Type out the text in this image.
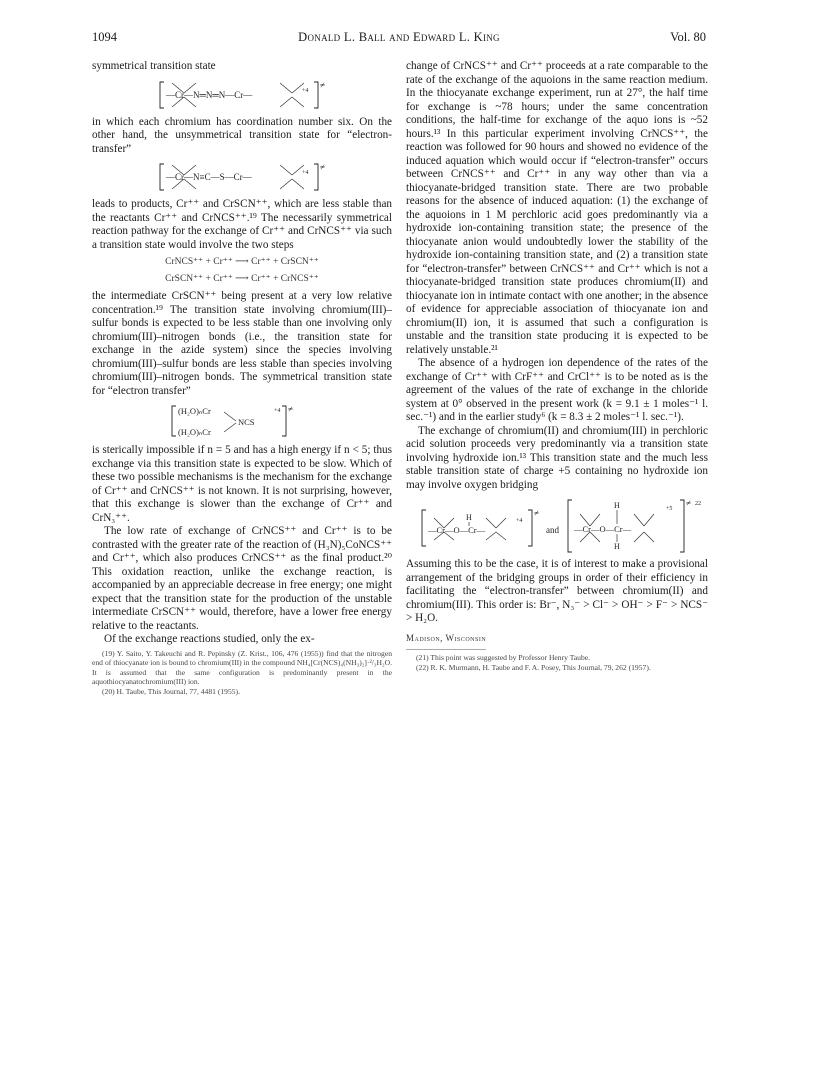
1094	Donald L. Ball and Edward L. King	Vol. 80

symmetrical transition state

—Cr—N═N═N—Cr—	+4
≠

in which each chromium has coordination number six. On the other hand, the unsymmetrical transition state for “electron-transfer”

—Cr—N≡C—S—Cr—	+4
≠

leads to products, Cr⁺⁺ and CrSCN⁺⁺, which are less stable than the reactants Cr⁺⁺ and CrNCS⁺⁺.¹⁹ The necessarily symmetrical reaction pathway for the exchange of Cr⁺⁺ and CrNCS⁺⁺ via such a transition state would involve the two steps

CrNCS⁺⁺ + Cr⁺⁺ ⟶ Cr⁺⁺ + CrSCN⁺⁺
CrSCN⁺⁺ + Cr⁺⁺ ⟶ Cr⁺⁺ + CrNCS⁺⁺

the intermediate CrSCN⁺⁺ being present at a very low relative concentration.¹⁹ The transition state involving chromium(III)–sulfur bonds is expected to be less stable than one involving only chromium(III)–nitrogen bonds (i.e., the transition state for exchange in the azide system) since the species involving chromium(III)–sulfur bonds are less stable than species involving chromium(III)–nitrogen bonds. The symmetrical transition state for “electron transfer”

(H₂O)ₙCr
(H₂O)ₙCr
NCS
+4 ≠

is sterically impossible if n = 5 and has a high energy if n < 5; thus exchange via this transition state is expected to be slow. Which of these two possible mechanisms is the mechanism for the exchange of Cr⁺⁺ and CrNCS⁺⁺ is not known. It is not surprising, however, that this exchange is slower than the exchange of Cr⁺⁺ and CrN₃⁺⁺.

The low rate of exchange of CrNCS⁺⁺ and Cr⁺⁺ is to be contrasted with the greater rate of the reaction of (H₃N)₅CoNCS⁺⁺ and Cr⁺⁺, which also produces CrNCS⁺⁺ as the final product.²⁰ This oxidation reaction, unlike the exchange reaction, is accompanied by an appreciable decrease in free energy; one might expect that the transition state for the production of the unstable intermediate CrSCN⁺⁺ would, therefore, have a lower free energy relative to the reactants.

Of the exchange reactions studied, only the ex-

(19) Y. Saito, Y. Takeuchi and R. Pepinsky (Z. Krist., 106, 476 (1955)) find that the nitrogen end of thiocyanate ion is bound to chromium(III) in the compound NH₄[Cr(NCS)₄(NH₃)₂]·²/₃H₂O. It is assumed that the same configuration is predominantly present in the aquothiocyanatochromium(III) ion.

(20) H. Taube, This Journal, 77, 4481 (1955).

change of CrNCS⁺⁺ and Cr⁺⁺ proceeds at a rate comparable to the rate of the exchange of the aquoions in the same reaction medium. In the thiocyanate exchange experiment, run at 27°, the half time for exchange is ~78 hours; under the same concentration conditions, the half-time for exchange of the aquo ions is ~52 hours.¹³ In this particular experiment involving CrNCS⁺⁺, the reaction was followed for 90 hours and showed no evidence of the induced aquation which would occur if “electron-transfer” occurs between CrNCS⁺⁺ and Cr⁺⁺ in any way other than via a thiocyanate-bridged transition state. There are two probable reasons for the absence of induced aquation: (1) the exchange of the aquoions in 1 M perchloric acid goes predominantly via a hydroxide ion-containing transition state; the presence of the thiocyanate anion would undoubtedly lower the stability of the hydroxide ion-containing transition state, and (2) a transition state for “electron-transfer” between CrNCS⁺⁺ and Cr⁺⁺ which is not a thiocyanate-bridged transition state produces chromium(II) and thiocyanate ion in intimate contact with one another; in the absence of evidence for appreciable association of thiocyanate ion and chromium(II) ion, it is assumed that such a configuration is unstable and the transition state producing it is expected to be relatively unstable.²¹

The absence of a hydrogen ion dependence of the rates of the exchange of Cr⁺⁺ with CrF⁺⁺ and CrCl⁺⁺ is to be noted as is the agreement of the values of the rate of exchange in the chloride system at 0° observed in the present work (k = 9.1 ± 1 moles⁻¹ l. sec.⁻¹) and in the earlier study⁶ (k = 8.3 ± 2 moles⁻¹ l. sec.⁻¹).

The exchange of chromium(II) and chromium(III) in perchloric acid solution proceeds very predominantly via a transition state involving hydroxide ion.¹³ This transition state and the much less stable transition state of charge +5 containing no hydroxide ion may involve oxygen bridging

H
—Cr—O—Cr—
+4
≠
and
H
H
—Cr—O—Cr—
+5
≠ 22

Assuming this to be the case, it is of interest to make a provisional arrangement of the bridging groups in order of their efficiency in facilitating the “electron-transfer” between chromium(II) and chromium(III). This order is: Br⁻, N₃⁻ > Cl⁻ > OH⁻ > F⁻ > NCS⁻ > H₂O.

Madison, Wisconsin

(21) This point was suggested by Professor Henry Taube.

(22) R. K. Murmann, H. Taube and F. A. Posey, This Journal, 79, 262 (1957).
